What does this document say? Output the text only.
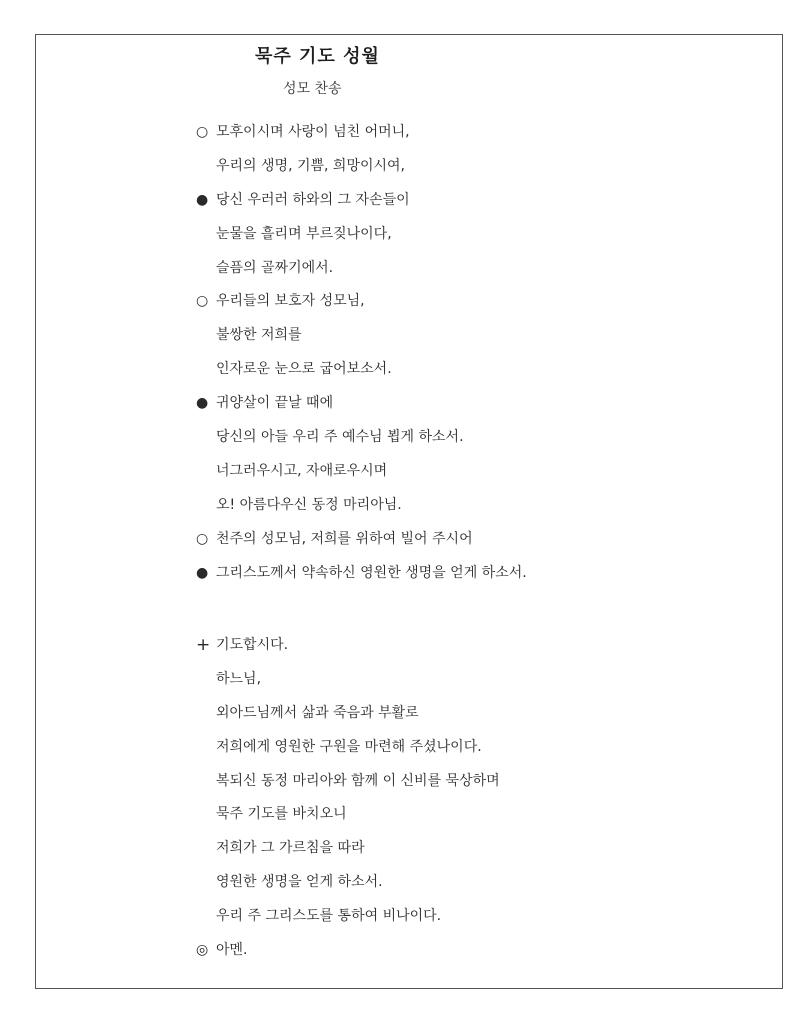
묵주 기도 성월
성모 찬송
○ 모후이시며 사랑이 넘친 어머니,
우리의 생명, 기쁨, 희망이시여,
● 당신 우러러 하와의 그 자손들이
눈물을 흘리며 부르짖나이다,
슬픔의 골짜기에서.
○ 우리들의 보호자 성모님,
불쌍한 저희를
인자로운 눈으로 굽어보소서.
● 귀양살이 끝날 때에
당신의 아들 우리 주 예수님 뵙게 하소서.
너그러우시고, 자애로우시며
오! 아름다우신 동정 마리아님.
○ 천주의 성모님, 저희를 위하여 빌어 주시어
● 그리스도께서 약속하신 영원한 생명을 얻게 하소서.
+ 기도합시다.
하느님,
외아드님께서 삶과 죽음과 부활로
저희에게 영원한 구원을 마련해 주셨나이다.
복되신 동정 마리아와 함께 이 신비를 묵상하며
묵주 기도를 바치오니
저희가 그 가르침을 따라
영원한 생명을 얻게 하소서.
우리 주 그리스도를 통하여 비나이다.
◎ 아멘.
